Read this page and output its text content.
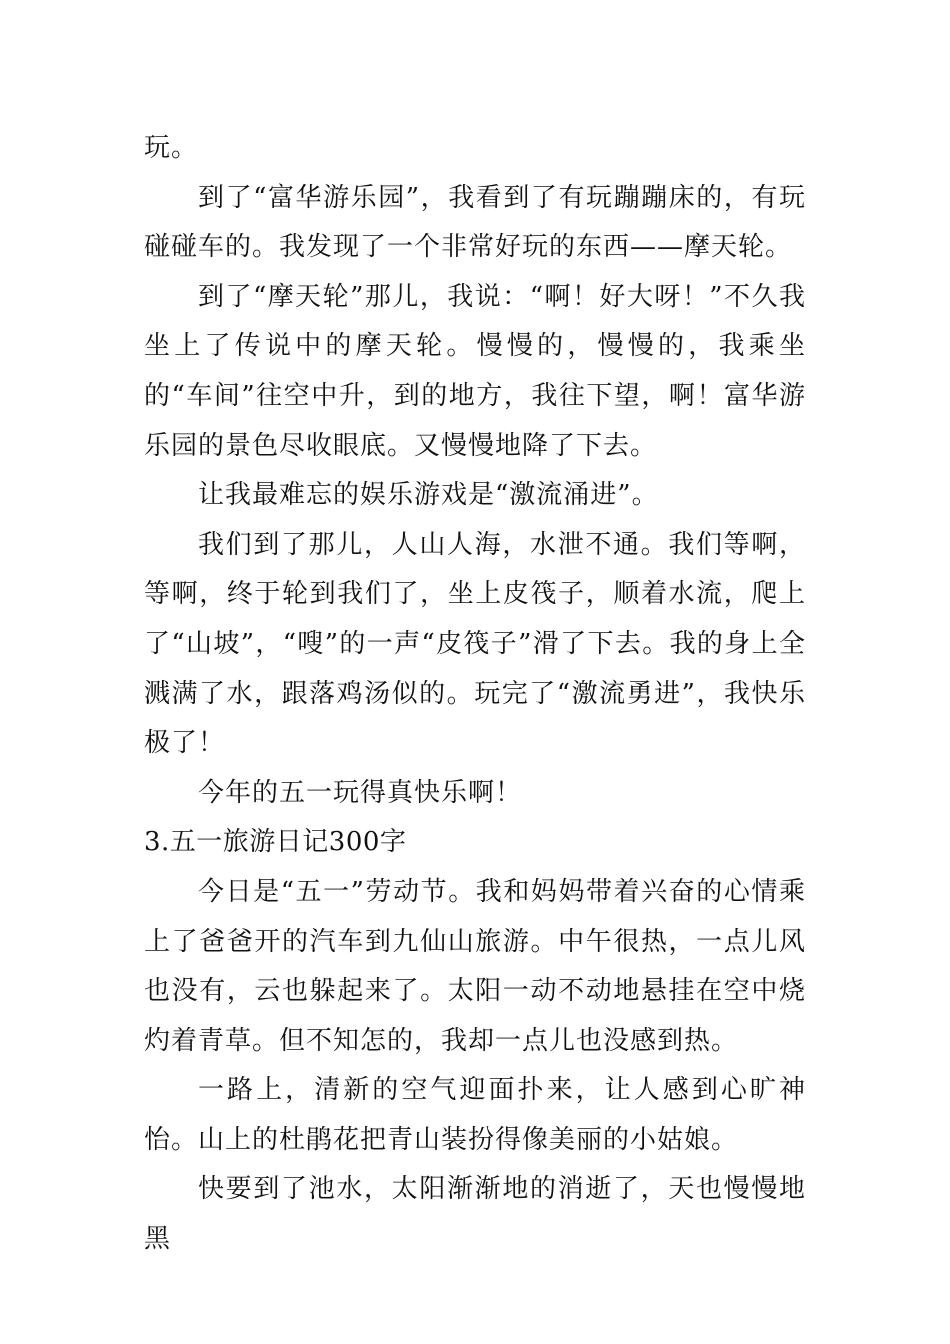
玩。

到了“富华游乐园”，我看到了有玩蹦蹦床的，有玩碰碰车的。我发现了一个非常好玩的东西——摩天轮。

到了“摩天轮”那儿，我说：“啊！好大呀！”不久我坐上了传说中的摩天轮。慢慢的，慢慢的，我乘坐的“车间”往空中升，到的地方，我往下望，啊！富华游乐园的景色尽收眼底。又慢慢地降了下去。

让我最难忘的娱乐游戏是“激流涌进”。

我们到了那儿，人山人海，水泄不通。我们等啊，等啊，终于轮到我们了，坐上皮筏子，顺着水流，爬上了“山坡”，“嗖”的一声“皮筏子”滑了下去。我的身上全溅满了水，跟落鸡汤似的。玩完了“激流勇进”，我快乐极了！

今年的五一玩得真快乐啊！

3.五一旅游日记300字

今日是“五一”劳动节。我和妈妈带着兴奋的心情乘上了爸爸开的汽车到九仙山旅游。中午很热，一点儿风也没有，云也躲起来了。太阳一动不动地悬挂在空中烧灼着青草。但不知怎的，我却一点儿也没感到热。

一路上，清新的空气迎面扑来，让人感到心旷神怡。山上的杜鹃花把青山装扮得像美丽的小姑娘。

快要到了池水，太阳渐渐地的消逝了，天也慢慢地黑
